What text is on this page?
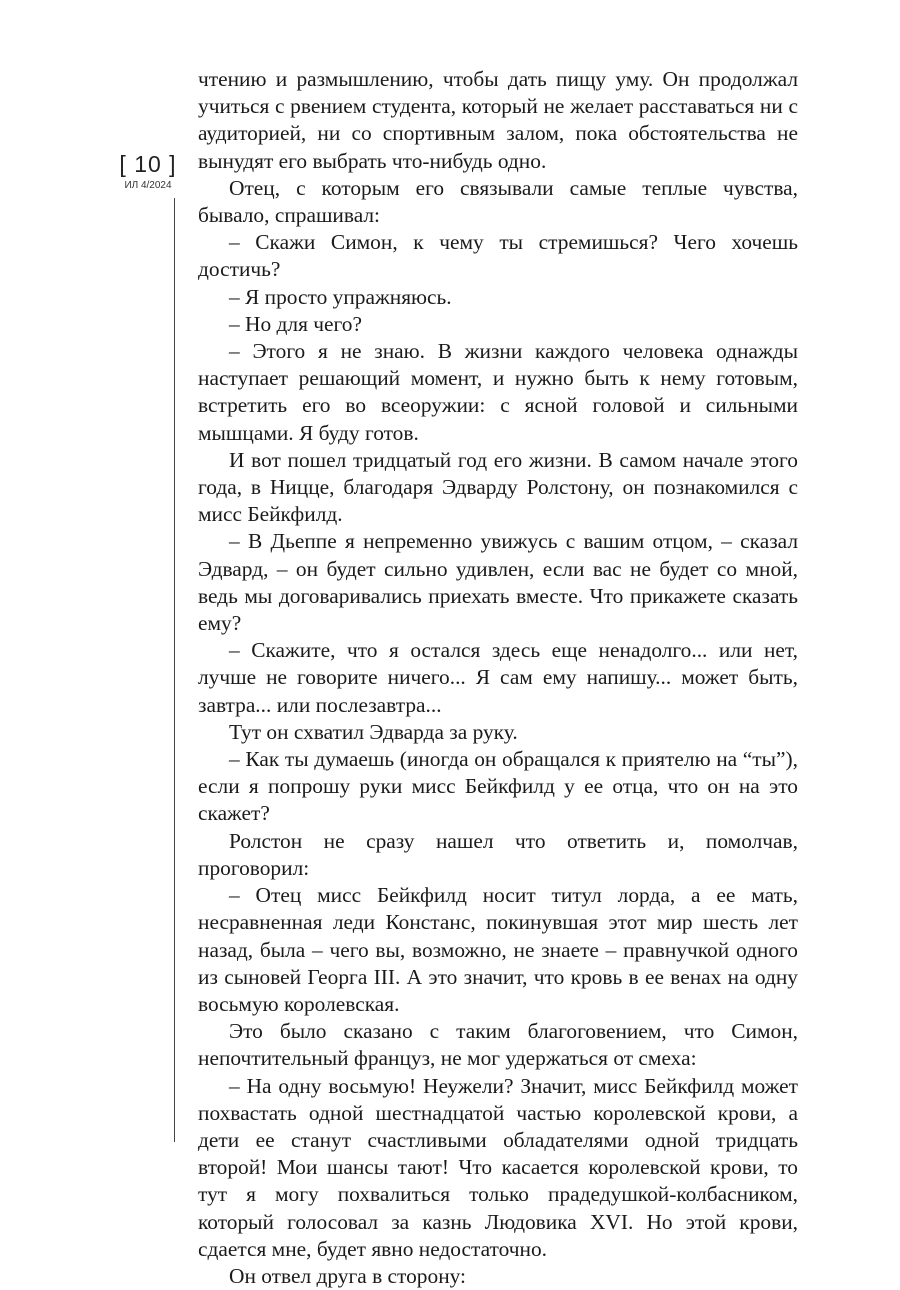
[ 10 ]
ИЛ 4/2024

чтению и размышлению, чтобы дать пищу уму. Он продолжал учиться с рвением студента, который не желает расставаться ни с аудиторией, ни со спортивным залом, пока обстоятельства не вынудят его выбрать что-нибудь одно.

Отец, с которым его связывали самые теплые чувства, бывало, спрашивал:

– Скажи Симон, к чему ты стремишься? Чего хочешь достичь?

– Я просто упражняюсь.

– Но для чего?

– Этого я не знаю. В жизни каждого человека однажды наступает решающий момент, и нужно быть к нему готовым, встретить его во всеоружии: с ясной головой и сильными мышцами. Я буду готов.

И вот пошел тридцатый год его жизни. В самом начале этого года, в Ницце, благодаря Эдварду Ролстону, он познакомился с мисс Бейкфилд.

– В Дьеппе я непременно увижусь с вашим отцом, – сказал Эдвард, – он будет сильно удивлен, если вас не будет со мной, ведь мы договаривались приехать вместе. Что прикажете сказать ему?

– Скажите, что я остался здесь еще ненадолго... или нет, лучше не говорите ничего... Я сам ему напишу... может быть, завтра... или послезавтра...

Тут он схватил Эдварда за руку.

– Как ты думаешь (иногда он обращался к приятелю на “ты”), если я попрошу руки мисс Бейкфилд у ее отца, что он на это скажет?

Ролстон не сразу нашел что ответить и, помолчав, проговорил:

– Отец мисс Бейкфилд носит титул лорда, а ее мать, несравненная леди Констанс, покинувшая этот мир шесть лет назад, была – чего вы, возможно, не знаете – правнучкой одного из сыновей Георга III. А это значит, что кровь в ее венах на одну восьмую королевская.

Это было сказано с таким благоговением, что Симон, непочтительный француз, не мог удержаться от смеха:

– На одну восьмую! Неужели? Значит, мисс Бейкфилд может похвастать одной шестнадцатой частью королевской крови, а дети ее станут счастливыми обладателями одной тридцать второй! Мои шансы тают! Что касается королевской крови, то тут я могу похвалиться только прадедушкой-колбасником, который голосовал за казнь Людовика XVI. Но этой крови, сдается мне, будет явно недостаточно.

Он отвел друга в сторону:
